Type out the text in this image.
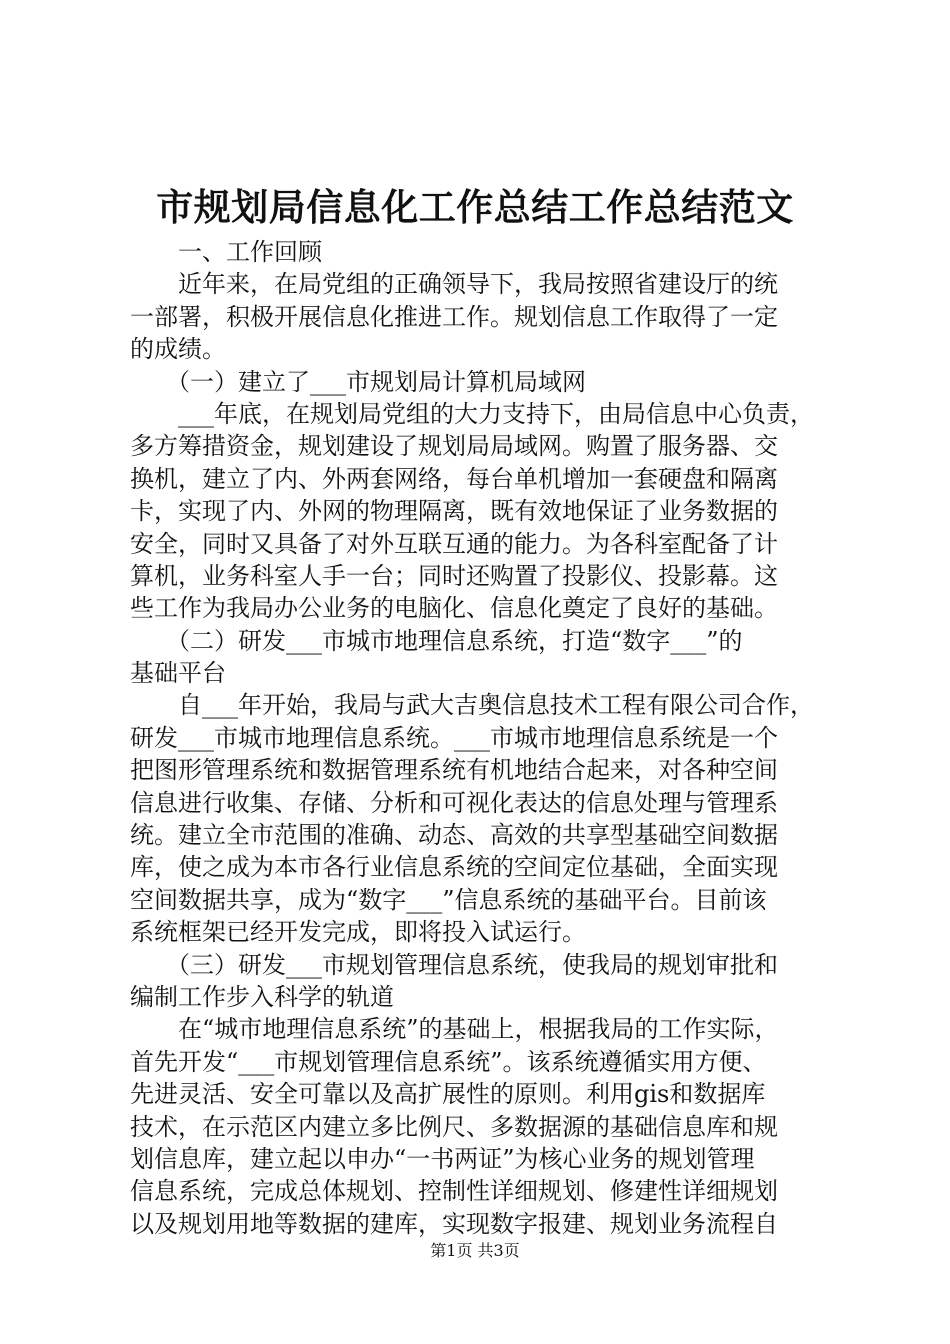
市规划局信息化工作总结工作总结范文
　　一、工作回顾
　　近年来，在局党组的正确领导下，我局按照省建设厅的统
一部署，积极开展信息化推进工作。规划信息工作取得了一定
的成绩。
　　（一）建立了___市规划局计算机局域网
　　___年底，在规划局党组的大力支持下，由局信息中心负责，
多方筹措资金，规划建设了规划局局域网。购置了服务器、交
换机，建立了内、外两套网络，每台单机增加一套硬盘和隔离
卡，实现了内、外网的物理隔离，既有效地保证了业务数据的
安全，同时又具备了对外互联互通的能力。为各科室配备了计
算机，业务科室人手一台；同时还购置了投影仪、投影幕。这
些工作为我局办公业务的电脑化、信息化奠定了良好的基础。
　　（二）研发___市城市地理信息系统，打造“数字___”的
基础平台
　　自___年开始，我局与武大吉奥信息技术工程有限公司合作，
研发___市城市地理信息系统。___市城市地理信息系统是一个
把图形管理系统和数据管理系统有机地结合起来，对各种空间
信息进行收集、存储、分析和可视化表达的信息处理与管理系
统。建立全市范围的准确、动态、高效的共享型基础空间数据
库，使之成为本市各行业信息系统的空间定位基础，全面实现
空间数据共享，成为“数字___”信息系统的基础平台。目前该
系统框架已经开发完成，即将投入试运行。
　　（三）研发___市规划管理信息系统，使我局的规划审批和
编制工作步入科学的轨道
　　在“城市地理信息系统”的基础上，根据我局的工作实际，
首先开发“___市规划管理信息系统”。该系统遵循实用方便、
先进灵活、安全可靠以及高扩展性的原则。利用gis和数据库
技术，在示范区内建立多比例尺、多数据源的基础信息库和规
划信息库，建立起以申办“一书两证”为核心业务的规划管理
信息系统，完成总体规划、控制性详细规划、修建性详细规划
以及规划用地等数据的建库，实现数字报建、规划业务流程自
第1页 共3页
